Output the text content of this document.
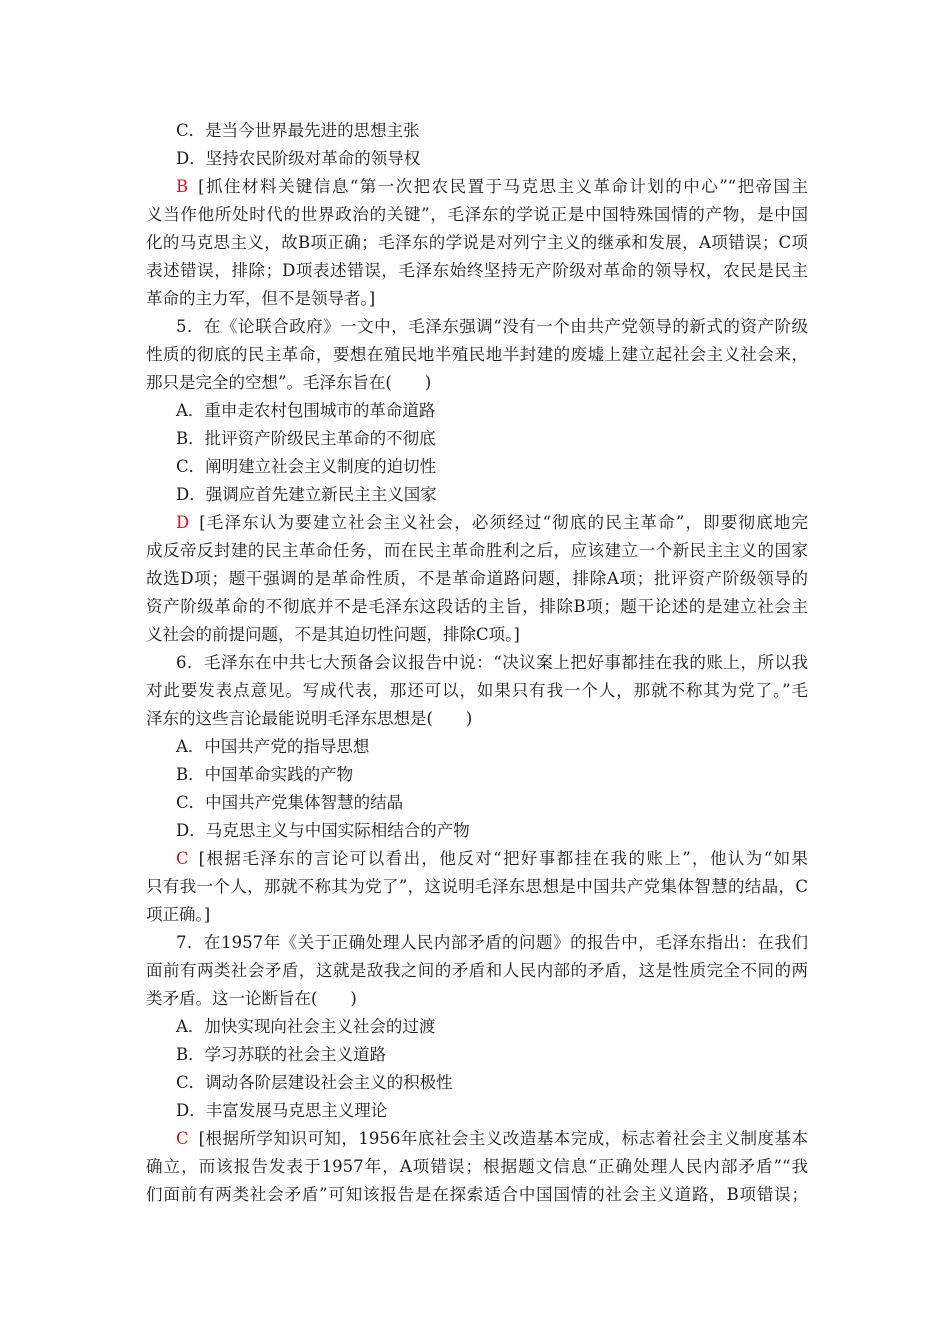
C．是当今世界最先进的思想主张
D．坚持农民阶级对革命的领导权
B [抓住材料关键信息“第一次把农民置于马克思主义革命计划的中心”“把帝国主
义当作他所处时代的世界政治的关键”，毛泽东的学说正是中国特殊国情的产物，是中国
化的马克思主义，故B项正确；毛泽东的学说是对列宁主义的继承和发展，A项错误；C项
表述错误，排除；D项表述错误，毛泽东始终坚持无产阶级对革命的领导权，农民是民主
革命的主力军，但不是领导者。]
5．在《论联合政府》一文中，毛泽东强调“没有一个由共产党领导的新式的资产阶级
性质的彻底的民主革命，要想在殖民地半殖民地半封建的废墟上建立起社会主义社会来，
那只是完全的空想”。毛泽东旨在(　　)
A．重申走农村包围城市的革命道路
B．批评资产阶级民主革命的不彻底
C．阐明建立社会主义制度的迫切性
D．强调应首先建立新民主主义国家
D [毛泽东认为要建立社会主义社会，必须经过“彻底的民主革命”，即要彻底地完
成反帝反封建的民主革命任务，而在民主革命胜利之后，应该建立一个新民主主义的国家
故选D项；题干强调的是革命性质，不是革命道路问题，排除A项；批评资产阶级领导的
资产阶级革命的不彻底并不是毛泽东这段话的主旨，排除B项；题干论述的是建立社会主
义社会的前提问题，不是其迫切性问题，排除C项。]
6．毛泽东在中共七大预备会议报告中说：“决议案上把好事都挂在我的账上，所以我
对此要发表点意见。写成代表，那还可以，如果只有我一个人，那就不称其为党了。”毛
泽东的这些言论最能说明毛泽东思想是(　　)
A．中国共产党的指导思想
B．中国革命实践的产物
C．中国共产党集体智慧的结晶
D．马克思主义与中国实际相结合的产物
C [根据毛泽东的言论可以看出，他反对“把好事都挂在我的账上”，他认为“如果
只有我一个人，那就不称其为党了”，这说明毛泽东思想是中国共产党集体智慧的结晶，C
项正确。]
7．在1957年《关于正确处理人民内部矛盾的问题》的报告中，毛泽东指出：在我们
面前有两类社会矛盾，这就是敌我之间的矛盾和人民内部的矛盾，这是性质完全不同的两
类矛盾。这一论断旨在(　　)
A．加快实现向社会主义社会的过渡
B．学习苏联的社会主义道路
C．调动各阶层建设社会主义的积极性
D．丰富发展马克思主义理论
C [根据所学知识可知，1956年底社会主义改造基本完成，标志着社会主义制度基本
确立，而该报告发表于1957年，A项错误；根据题文信息“正确处理人民内部矛盾”“我
们面前有两类社会矛盾”可知该报告是在探索适合中国国情的社会主义道路，B项错误；
